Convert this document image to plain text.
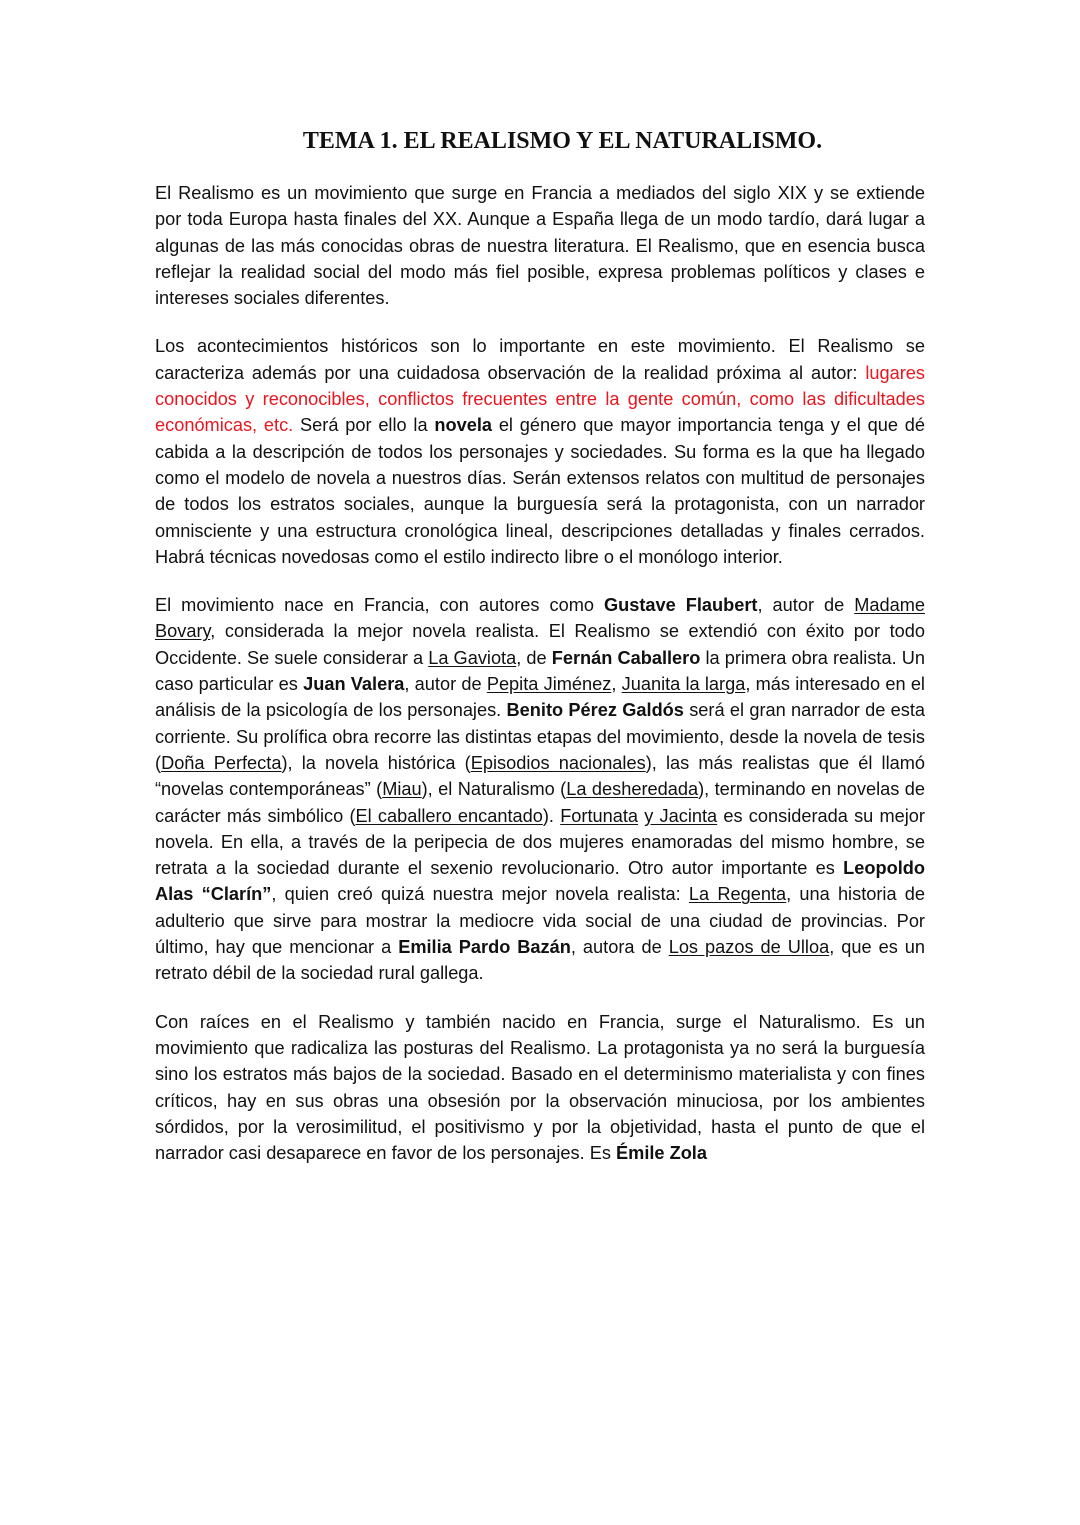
TEMA 1. EL REALISMO Y EL NATURALISMO.

El Realismo es un movimiento que surge en Francia a mediados del siglo XIX y se extiende por toda Europa hasta finales del XX. Aunque a España llega de un modo tardío, dará lugar a algunas de las más conocidas obras de nuestra literatura. El Realismo, que en esencia busca reflejar la realidad social del modo más fiel posible, expresa problemas políticos y clases e intereses sociales diferentes.

Los acontecimientos históricos son lo importante en este movimiento. El Realismo se caracteriza además por una cuidadosa observación de la realidad próxima al autor: lugares conocidos y reconocibles, conflictos frecuentes entre la gente común, como las dificultades económicas, etc. Será por ello la novela el género que mayor importancia tenga y el que dé cabida a la descripción de todos los personajes y sociedades. Su forma es la que ha llegado como el modelo de novela a nuestros días. Serán extensos relatos con multitud de personajes de todos los estratos sociales, aunque la burguesía será la protagonista, con un narrador omnisciente y una estructura cronológica lineal, descripciones detalladas y finales cerrados. Habrá técnicas novedosas como el estilo indirecto libre o el monólogo interior.

El movimiento nace en Francia, con autores como Gustave Flaubert, autor de Madame Bovary, considerada la mejor novela realista. El Realismo se extendió con éxito por todo Occidente. Se suele considerar a La Gaviota, de Fernán Caballero la primera obra realista. Un caso particular es Juan Valera, autor de Pepita Jiménez, Juanita la larga, más interesado en el análisis de la psicología de los personajes. Benito Pérez Galdós será el gran narrador de esta corriente. Su prolífica obra recorre las distintas etapas del movimiento, desde la novela de tesis (Doña Perfecta), la novela histórica (Episodios nacionales), las más realistas que él llamó “novelas contemporáneas” (Miau), el Naturalismo (La desheredada), terminando en novelas de carácter más simbólico (El caballero encantado). Fortunata y Jacinta es considerada su mejor novela. En ella, a través de la peripecia de dos mujeres enamoradas del mismo hombre, se retrata a la sociedad durante el sexenio revolucionario. Otro autor importante es Leopoldo Alas “Clarín”, quien creó quizá nuestra mejor novela realista: La Regenta, una historia de adulterio que sirve para mostrar la mediocre vida social de una ciudad de provincias. Por último, hay que mencionar a Emilia Pardo Bazán, autora de Los pazos de Ulloa, que es un retrato débil de la sociedad rural gallega.

Con raíces en el Realismo y también nacido en Francia, surge el Naturalismo. Es un movimiento que radicaliza las posturas del Realismo. La protagonista ya no será la burguesía sino los estratos más bajos de la sociedad. Basado en el determinismo materialista y con fines críticos, hay en sus obras una obsesión por la observación minuciosa, por los ambientes sórdidos, por la verosimilitud, el positivismo y por la objetividad, hasta el punto de que el narrador casi desaparece en favor de los personajes. Es Émile Zola
